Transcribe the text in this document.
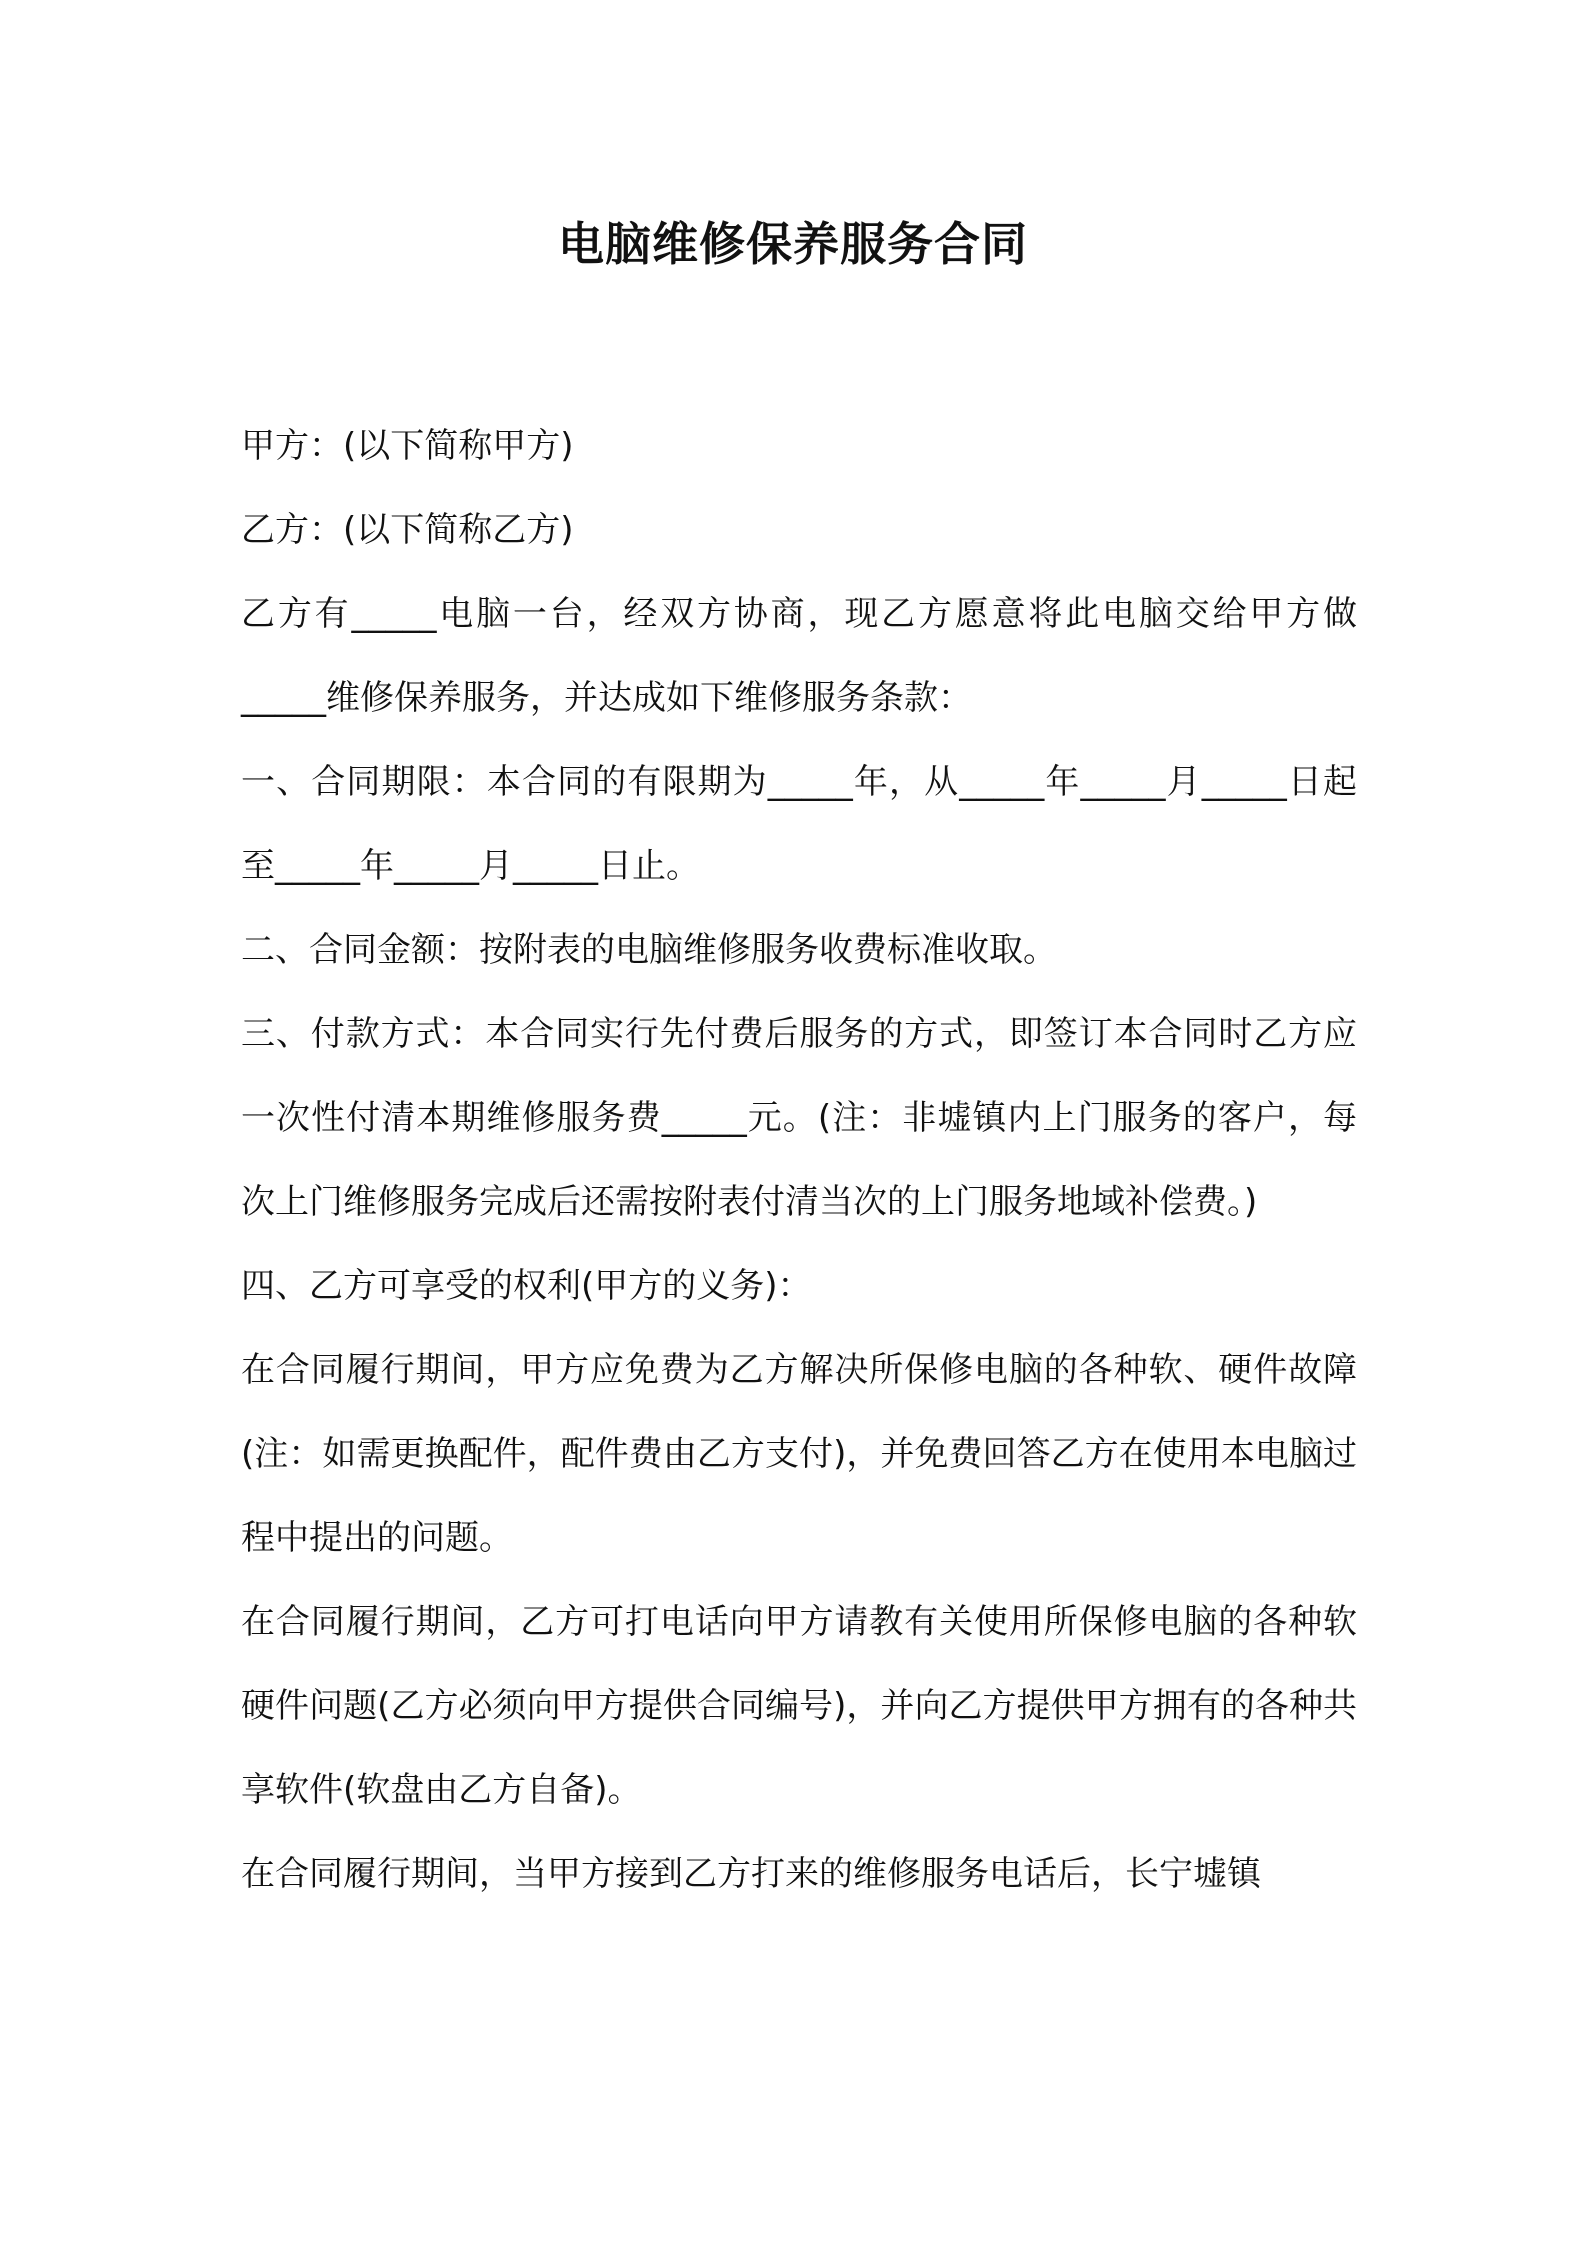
电脑维修保养服务合同

甲方：(以下简称甲方)

乙方：(以下简称乙方)

乙方有_____电脑一台，经双方协商，现乙方愿意将此电脑交给甲方做_____维修保养服务，并达成如下维修服务条款：

一、合同期限：本合同的有限期为_____年，从_____年_____月_____日起至_____年_____月_____日止。

二、合同金额：按附表的电脑维修服务收费标准收取。

三、付款方式：本合同实行先付费后服务的方式，即签订本合同时乙方应一次性付清本期维修服务费_____元。(注：非墟镇内上门服务的客户，每次上门维修服务完成后还需按附表付清当次的上门服务地域补偿费。)

四、乙方可享受的权利(甲方的义务)：

在合同履行期间，甲方应免费为乙方解决所保修电脑的各种软、硬件故障(注：如需更换配件，配件费由乙方支付)，并免费回答乙方在使用本电脑过程中提出的问题。

在合同履行期间，乙方可打电话向甲方请教有关使用所保修电脑的各种软硬件问题(乙方必须向甲方提供合同编号)，并向乙方提供甲方拥有的各种共享软件(软盘由乙方自备)。

在合同履行期间，当甲方接到乙方打来的维修服务电话后，长宁墟镇
